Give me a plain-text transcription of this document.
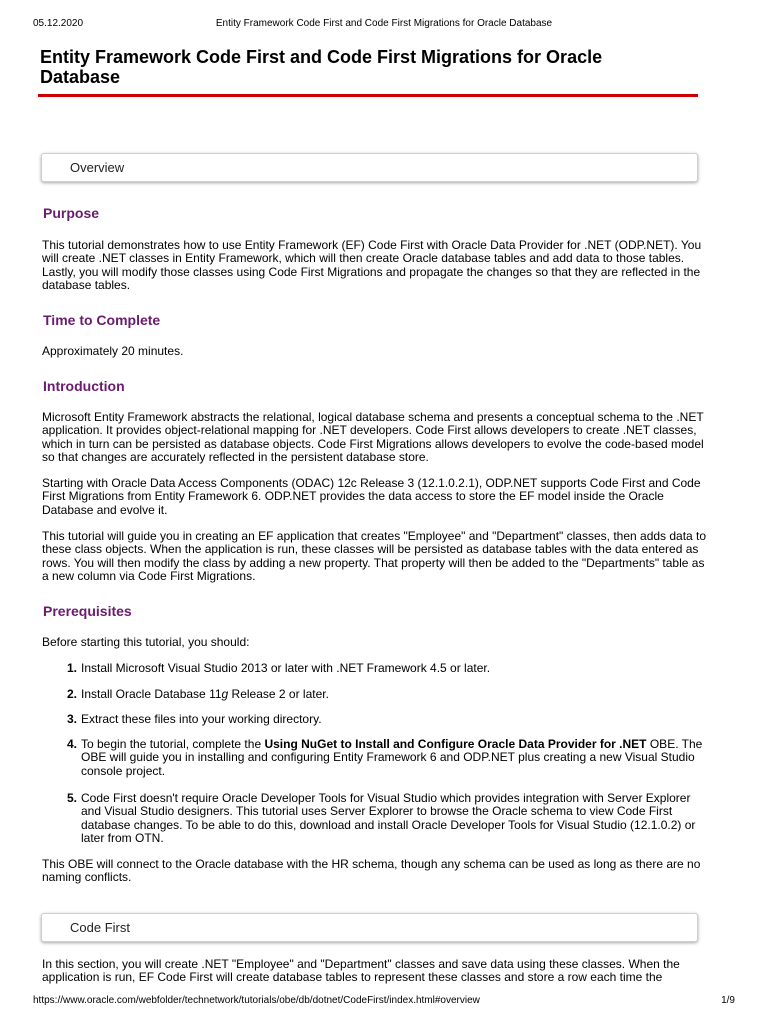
05.12.2020	Entity Framework Code First and Code First Migrations for Oracle Database
Entity Framework Code First and Code First Migrations for Oracle Database
Overview
Purpose

This tutorial demonstrates how to use Entity Framework (EF) Code First with Oracle Data Provider for .NET (ODP.NET). You will create .NET classes in Entity Framework, which will then create Oracle database tables and add data to those tables. Lastly, you will modify those classes using Code First Migrations and propagate the changes so that they are reflected in the database tables.

Time to Complete

Approximately 20 minutes.

Introduction

Microsoft Entity Framework abstracts the relational, logical database schema and presents a conceptual schema to the .NET application. It provides object-relational mapping for .NET developers. Code First allows developers to create .NET classes, which in turn can be persisted as database objects. Code First Migrations allows developers to evolve the code-based model so that changes are accurately reflected in the persistent database store.

Starting with Oracle Data Access Components (ODAC) 12c Release 3 (12.1.0.2.1), ODP.NET supports Code First and Code First Migrations from Entity Framework 6. ODP.NET provides the data access to store the EF model inside the Oracle Database and evolve it.

This tutorial will guide you in creating an EF application that creates "Employee" and "Department" classes, then adds data to these class objects. When the application is run, these classes will be persisted as database tables with the data entered as rows. You will then modify the class by adding a new property. That property will then be added to the "Departments" table as a new column via Code First Migrations.

Prerequisites

Before starting this tutorial, you should:

1. Install Microsoft Visual Studio 2013 or later with .NET Framework 4.5 or later.
2. Install Oracle Database 11g Release 2 or later.
3. Extract these files into your working directory.
4. To begin the tutorial, complete the Using NuGet to Install and Configure Oracle Data Provider for .NET OBE. The OBE will guide you in installing and configuring Entity Framework 6 and ODP.NET plus creating a new Visual Studio console project.
5. Code First doesn't require Oracle Developer Tools for Visual Studio which provides integration with Server Explorer and Visual Studio designers. This tutorial uses Server Explorer to browse the Oracle schema to view Code First database changes. To be able to do this, download and install Oracle Developer Tools for Visual Studio (12.1.0.2) or later from OTN.

This OBE will connect to the Oracle database with the HR schema, though any schema can be used as long as there are no naming conflicts.

Code First

In this section, you will create .NET "Employee" and "Department" classes and save data using these classes. When the application is run, EF Code First will create database tables to represent these classes and store a row each time the

https://www.oracle.com/webfolder/technetwork/tutorials/obe/db/dotnet/CodeFirst/index.html#overview	1/9
